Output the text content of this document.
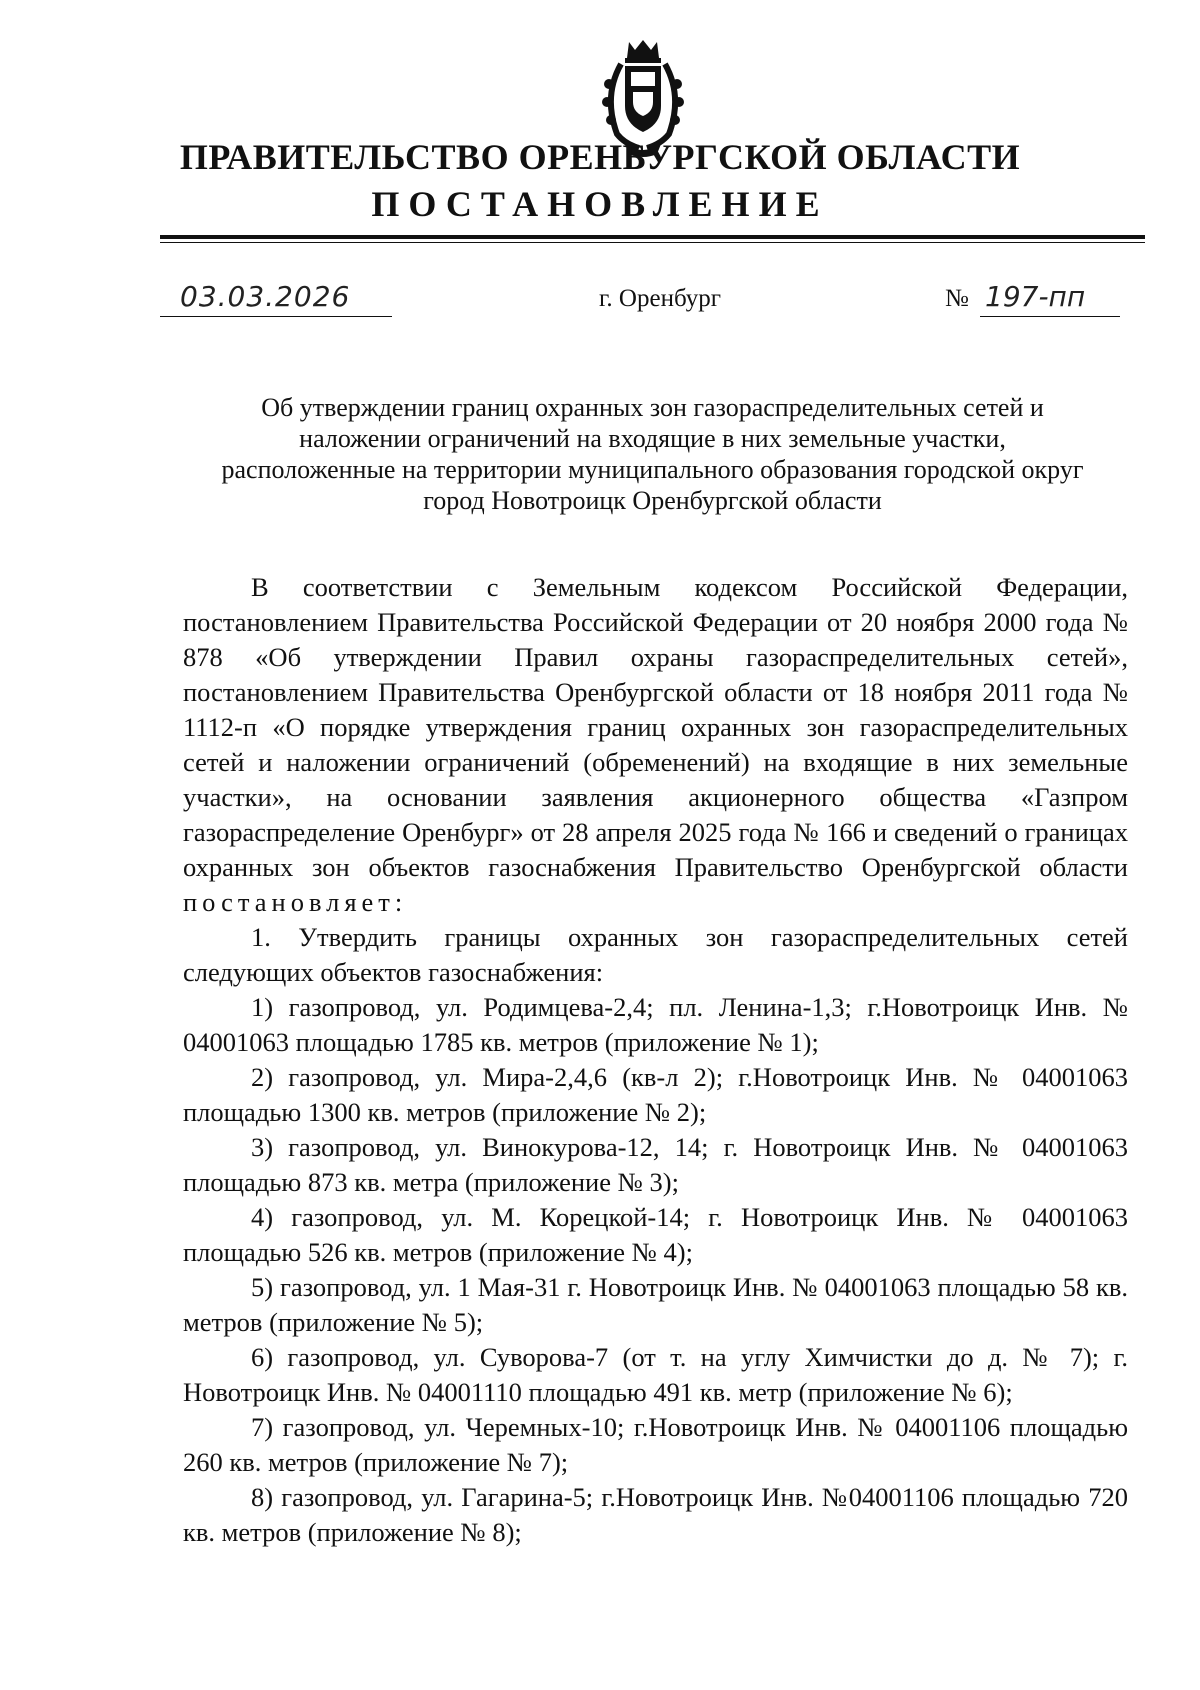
ПРАВИТЕЛЬСТВО ОРЕНБУРГСКОЙ ОБЛАСТИ
ПОСТАНОВЛЕНИЕ
03.03.2026	г. Оренбург	№ 197-пп
Об утверждении границ охранных зон газораспределительных сетей и
наложении ограничений на входящие в них земельные участки,
расположенные на территории муниципального образования городской округ
город Новотроицк Оренбургской области

В соответствии с Земельным кодексом Российской Федерации, постановлением Правительства Российской Федерации от 20 ноября 2000 года № 878 «Об утверждении Правил охраны газораспределительных сетей», постановлением Правительства Оренбургской области от 18 ноября 2011 года № 1112-п «О порядке утверждения границ охранных зон газораспределительных сетей и наложении ограничений (обременений) на входящие в них земельные участки», на основании заявления акционерного общества «Газпром газораспределение Оренбург» от 28 апреля 2025 года № 166 и сведений о границах охранных зон объектов газоснабжения Правительство Оренбургской области постановляет:

1. Утвердить границы охранных зон газораспределительных сетей следующих объектов газоснабжения:

1) газопровод, ул. Родимцева-2,4; пл. Ленина-1,3; г.Новотроицк Инв. № 04001063 площадью 1785 кв. метров (приложение № 1);

2) газопровод, ул. Мира-2,4,6 (кв-л 2); г.Новотроицк Инв. № 04001063 площадью 1300 кв. метров (приложение № 2);

3) газопровод, ул. Винокурова-12, 14; г. Новотроицк Инв. № 04001063 площадью 873 кв. метра (приложение № 3);

4) газопровод, ул. М. Корецкой-14; г. Новотроицк Инв. № 04001063 площадью 526 кв. метров (приложение № 4);

5) газопровод, ул. 1 Мая-31 г. Новотроицк Инв. № 04001063 площадью 58 кв. метров (приложение № 5);

6) газопровод, ул. Суворова-7 (от т. на углу Химчистки до д. № 7); г. Новотроицк Инв. № 04001110 площадью 491 кв. метр (приложение № 6);

7) газопровод, ул. Черемных-10; г.Новотроицк Инв. № 04001106 площадью 260 кв. метров (приложение № 7);

8) газопровод, ул. Гагарина-5; г.Новотроицк Инв. №04001106 площадью 720 кв. метров (приложение № 8);
